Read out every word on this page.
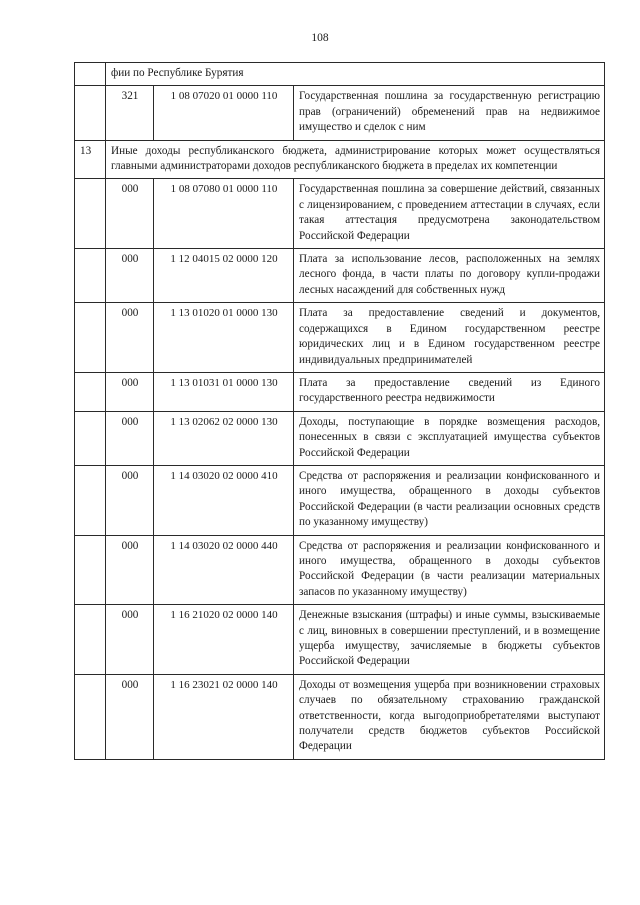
108
	фии по Республике Бурятия		
	321	1 08 07020 01 0000 110	Государственная пошлина за государственную регистрацию прав (ограничений) обременений прав на недвижимое имущество и сделок с ним
13	Иные доходы республиканского бюджета, администрирование которых может осуществляться главными администраторами доходов республиканского бюджета в пределах их компетенции		
	000	1 08 07080 01 0000 110	Государственная пошлина за совершение действий, связанных с лицензированием, с проведением аттестации в случаях, если такая аттестация предусмотрена законодательством Российской Федерации
	000	1 12 04015 02 0000 120	Плата за использование лесов, расположенных на землях лесного фонда, в части платы по договору купли-продажи лесных насаждений для собственных нужд
	000	1 13 01020 01 0000 130	Плата за предоставление сведений и документов, содержащихся в Едином государственном реестре юридических лиц и в Едином государственном реестре индивидуальных предпринимателей
	000	1 13 01031 01 0000 130	Плата за предоставление сведений из Единого государственного реестра недвижимости
	000	1 13 02062 02 0000 130	Доходы, поступающие в порядке возмещения расходов, понесенных в связи с эксплуатацией имущества субъектов Российской Федерации
	000	1 14 03020 02 0000 410	Средства от распоряжения и реализации конфискованного и иного имущества, обращенного в доходы субъектов Российской Федерации (в части реализации основных средств по указанному имуществу)
	000	1 14 03020 02 0000 440	Средства от распоряжения и реализации конфискованного и иного имущества, обращенного в доходы субъектов Российской Федерации (в части реализации материальных запасов по указанному имуществу)
	000	1 16 21020 02 0000 140	Денежные взыскания (штрафы) и иные суммы, взыскиваемые с лиц, виновных в совершении преступлений, и в возмещение ущерба имуществу, зачисляемые в бюджеты субъектов Российской Федерации
	000	1 16 23021 02 0000 140	Доходы от возмещения ущерба при возникновении страховых случаев по обязательному страхованию гражданской ответственности, когда выгодоприобретателями выступают получатели средств бюджетов субъектов Российской Федерации
